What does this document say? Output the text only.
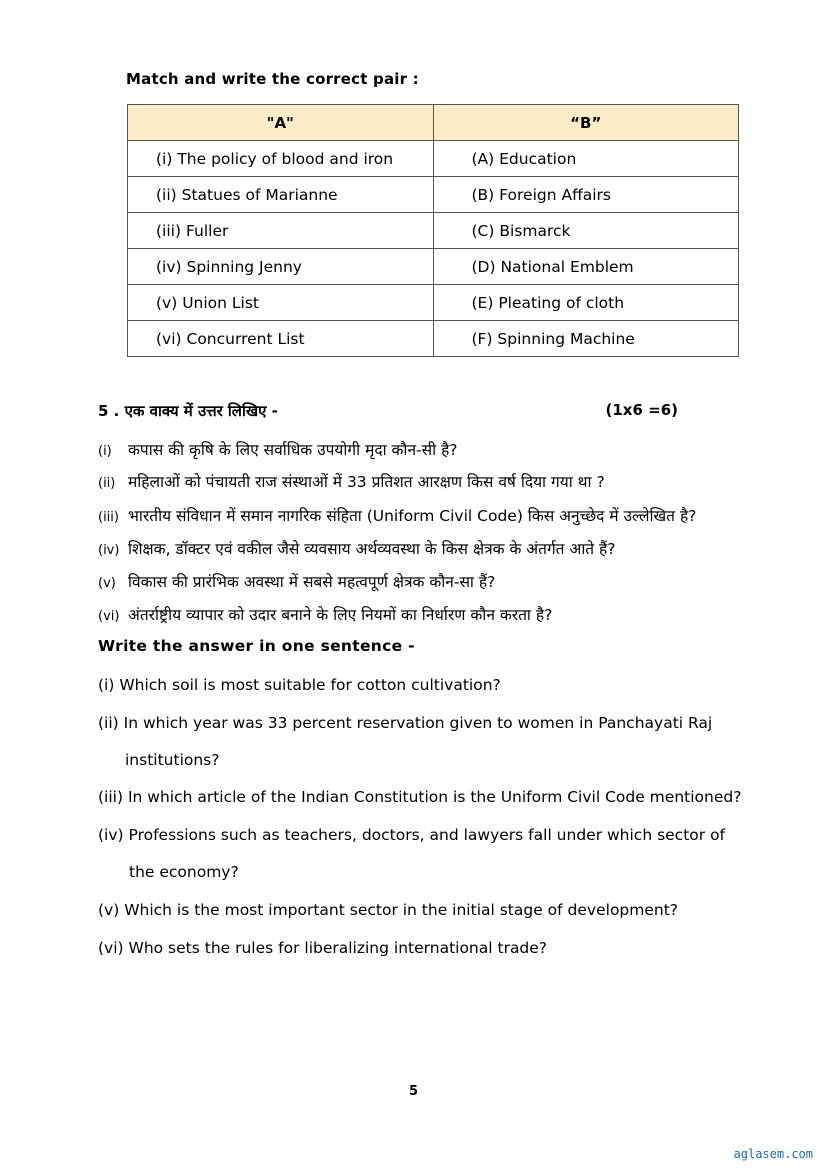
Match and write the correct pair :
"A"	“B”
(i) The policy of blood and iron	(A) Education
(ii) Statues of Marianne	(B) Foreign Affairs
(iii) Fuller	(C) Bismarck
(iv) Spinning Jenny	(D) National Emblem
(v) Union List	(E) Pleating of cloth
(vi) Concurrent List	(F) Spinning Machine
5 . एक वाक्य में उत्तर लिखिए -	(1x6 =6)
(i) कपास की कृषि के लिए सर्वाधिक उपयोगी मृदा कौन-सी है?
(ii) महिलाओं को पंचायती राज संस्थाओं में 33 प्रतिशत आरक्षण किस वर्ष दिया गया था ?
(iii) भारतीय संविधान में समान नागरिक संहिता (Uniform Civil Code) किस अनुच्छेद में उल्लेखित है?
(iv) शिक्षक, डॉक्टर एवं वकील जैसे व्यवसाय अर्थव्यवस्था के किस क्षेत्रक के अंतर्गत आते हैं?
(v) विकास की प्रारंभिक अवस्था में सबसे महत्वपूर्ण क्षेत्रक कौन-सा हैं?
(vi) अंतर्राष्ट्रीय व्यापार को उदार बनाने के लिए नियमों का निर्धारण कौन करता है?
Write the answer in one sentence -
(i) Which soil is most suitable for cotton cultivation?
(ii) In which year was 33 percent reservation given to women in Panchayati Raj
institutions?
(iii) In which article of the Indian Constitution is the Uniform Civil Code mentioned?
(iv) Professions such as teachers, doctors, and lawyers fall under which sector of
the economy?
(v) Which is the most important sector in the initial stage of development?
(vi) Who sets the rules for liberalizing international trade?
5
aglasem.com
